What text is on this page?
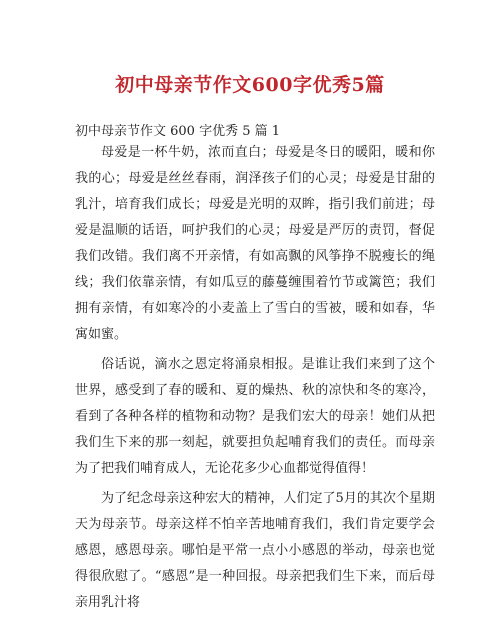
初中母亲节作文600字优秀5篇
初中母亲节作文 600 字优秀 5 篇 1

母爱是一杯牛奶，浓而直白；母爱是冬日的暖阳，暖和你我的心；母爱是丝丝春雨，润泽孩子们的心灵；母爱是甘甜的乳汁，培育我们成长；母爱是光明的双眸，指引我们前进；母爱是温顺的话语，呵护我们的心灵；母爱是严厉的责罚，督促我们改错。我们离不开亲情，有如高飘的风筝挣不脱瘦长的绳线；我们依靠亲情，有如瓜豆的藤蔓缠围着竹节或篱笆；我们拥有亲情，有如寒冷的小麦盖上了雪白的雪被，暖和如春，华寓如蜜。

俗话说，滴水之恩定将涌泉相报。是谁让我们来到了这个世界，感受到了春的暖和、夏的燥热、秋的凉快和冬的寒冷，看到了各种各样的植物和动物？是我们宏大的母亲！她们从把我们生下来的那一刻起，就要担负起哺育我们的责任。而母亲为了把我们哺育成人，无论花多少心血都觉得值得！

为了纪念母亲这种宏大的精神，人们定了5月的其次个星期天为母亲节。母亲这样不怕辛苦地哺育我们，我们肯定要学会感恩，感恩母亲。哪怕是平常一点小小感恩的举动，母亲也觉得很欣慰了。“感恩”是一种回报。母亲把我们生下来，而后母亲用乳汁将
